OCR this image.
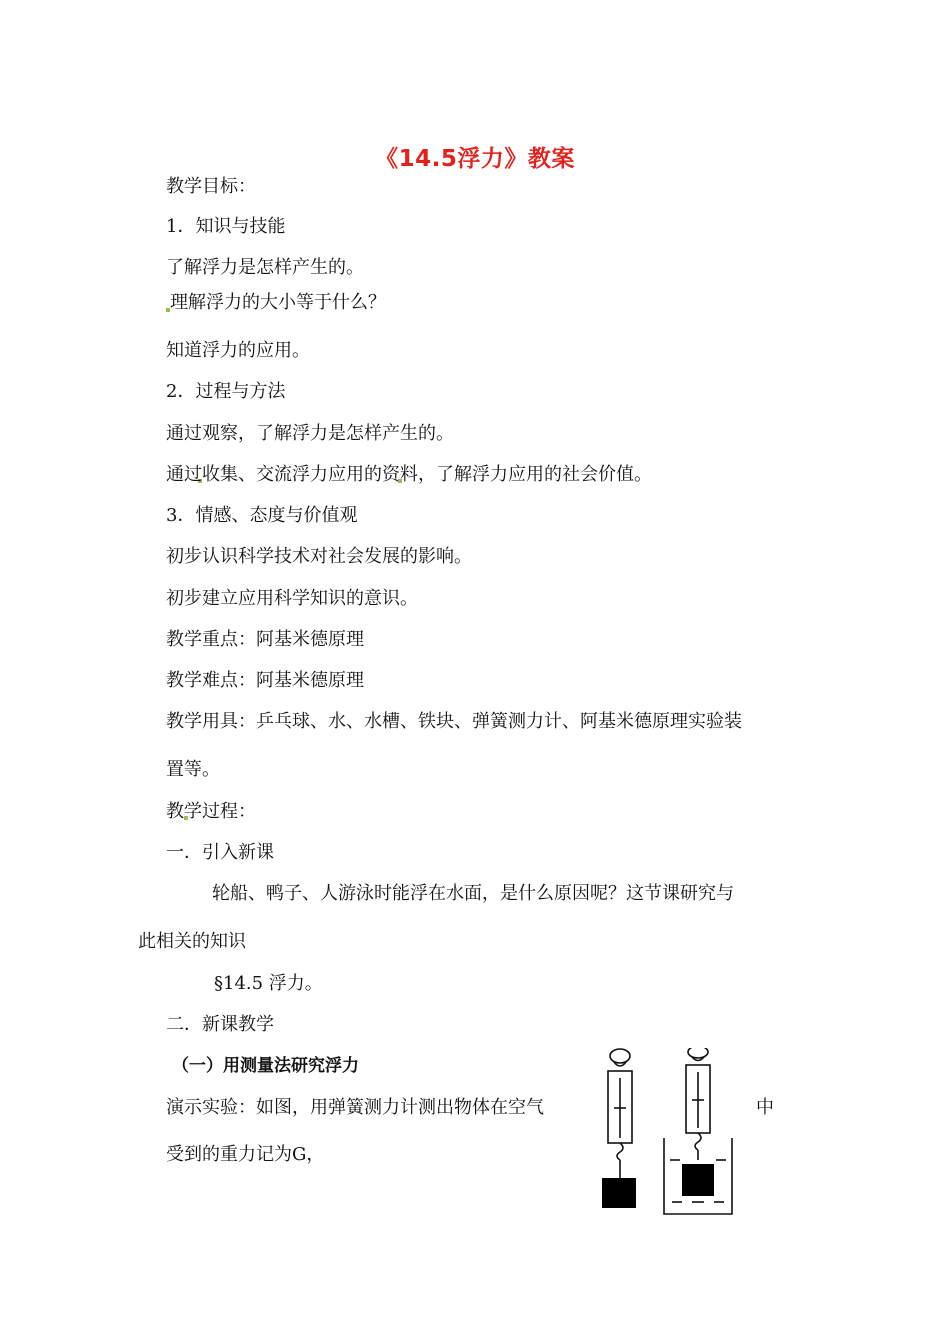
《14.5浮力》教案
教学目标：
1．知识与技能
了解浮力是怎样产生的。
理解浮力的大小等于什么？
知道浮力的应用。
2．过程与方法
通过观察，了解浮力是怎样产生的。
通过收集、交流浮力应用的资料，了解浮力应用的社会价值。
3．情感、态度与价值观
初步认识科学技术对社会发展的影响。
初步建立应用科学知识的意识。
教学重点：阿基米德原理
教学难点：阿基米德原理
教学用具：乒乓球、水、水槽、铁块、弹簧测力计、阿基米德原理实验装
置等。
教学过程：
一．引入新课
轮船、鸭子、人游泳时能浮在水面，是什么原因呢？这节课研究与
此相关的知识
§14.5 浮力。
二．新课教学
（一）用测量法研究浮力
演示实验：如图，用弹簧测力计测出物体在空气	中
受到的重力记为G，
